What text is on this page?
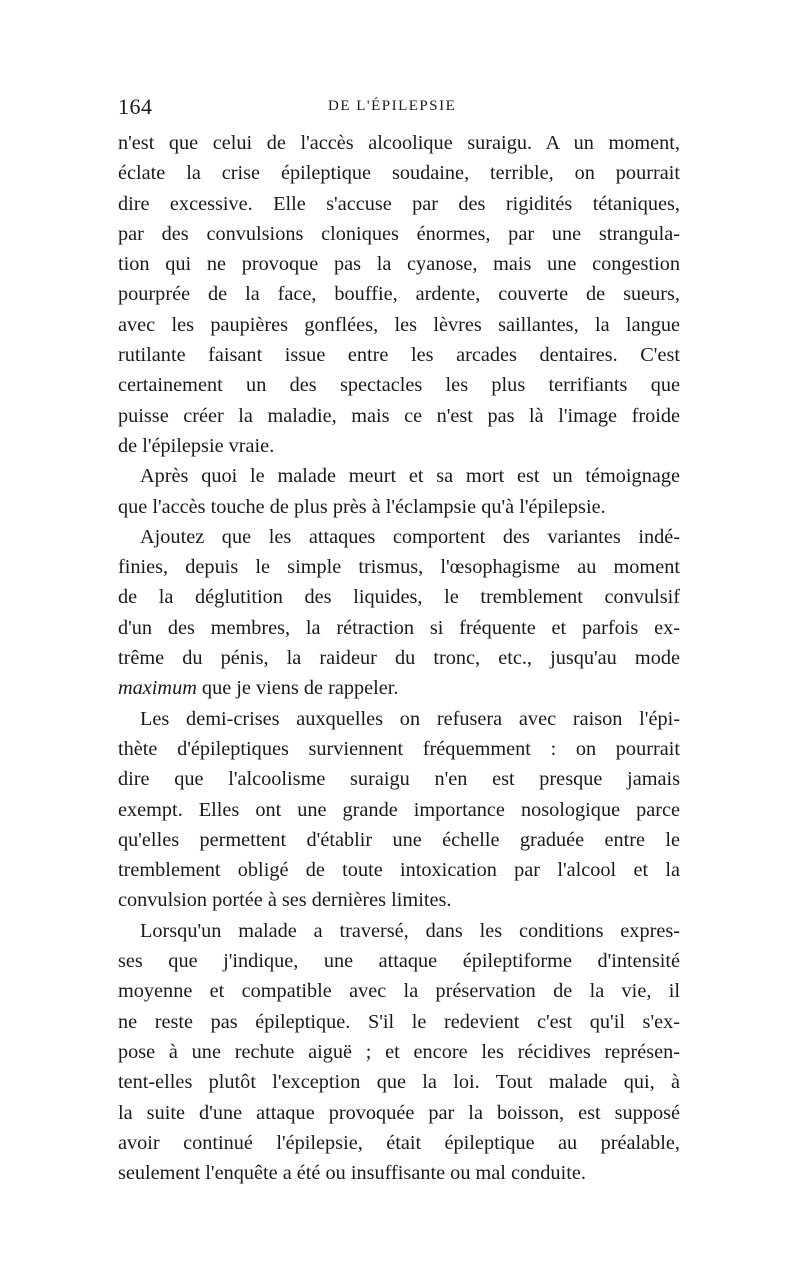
164	DE L'ÉPILEPSIE
n'est que celui de l'accès alcoolique suraigu. A un moment,
éclate la crise épileptique soudaine, terrible, on pourrait
dire excessive. Elle s'accuse par des rigidités tétaniques,
par des convulsions cloniques énormes, par une strangula-
tion qui ne provoque pas la cyanose, mais une congestion
pourprée de la face, bouffie, ardente, couverte de sueurs,
avec les paupières gonflées, les lèvres saillantes, la langue
rutilante faisant issue entre les arcades dentaires. C'est
certainement un des spectacles les plus terrifiants que
puisse créer la maladie, mais ce n'est pas là l'image froide
de l'épilepsie vraie.
Après quoi le malade meurt et sa mort est un témoignage
que l'accès touche de plus près à l'éclampsie qu'à l'épilepsie.
Ajoutez que les attaques comportent des variantes indé-
finies, depuis le simple trismus, l'œsophagisme au moment
de la déglutition des liquides, le tremblement convulsif
d'un des membres, la rétraction si fréquente et parfois ex-
trême du pénis, la raideur du tronc, etc., jusqu'au mode
maximum que je viens de rappeler.
Les demi-crises auxquelles on refusera avec raison l'épi-
thète d'épileptiques surviennent fréquemment : on pourrait
dire que l'alcoolisme suraigu n'en est presque jamais
exempt. Elles ont une grande importance nosologique parce
qu'elles permettent d'établir une échelle graduée entre le
tremblement obligé de toute intoxication par l'alcool et la
convulsion portée à ses dernières limites.
Lorsqu'un malade a traversé, dans les conditions expres-
ses que j'indique, une attaque épileptiforme d'intensité
moyenne et compatible avec la préservation de la vie, il
ne reste pas épileptique. S'il le redevient c'est qu'il s'ex-
pose à une rechute aiguë ; et encore les récidives représen-
tent-elles plutôt l'exception que la loi. Tout malade qui, à
la suite d'une attaque provoquée par la boisson, est supposé
avoir continué l'épilepsie, était épileptique au préalable,
seulement l'enquête a été ou insuffisante ou mal conduite.
